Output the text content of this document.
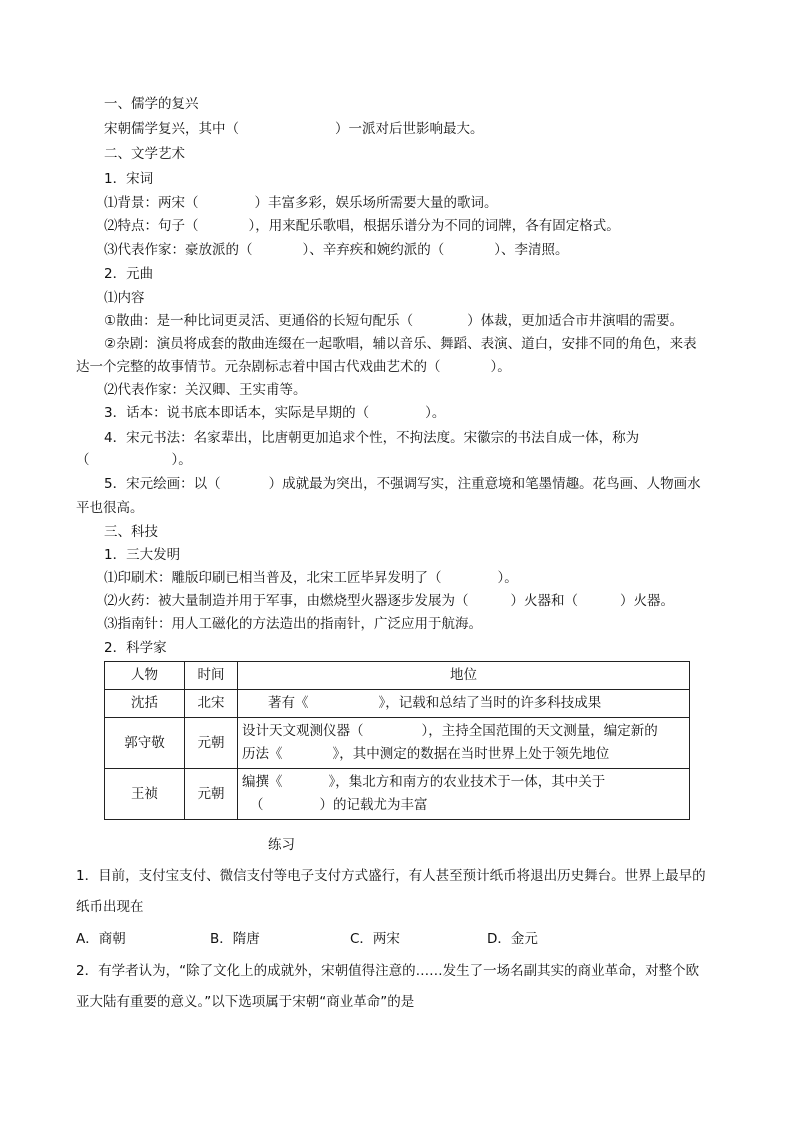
一、儒学的复兴
宋朝儒学复兴，其中（	）一派对后世影响最大。
二、文学艺术
1．宋词
⑴背景：两宋（	）丰富多彩，娱乐场所需要大量的歌词。
⑵特点：句子（	），用来配乐歌唱，根据乐谱分为不同的词牌，各有固定格式。
⑶代表作家：豪放派的（	）、辛弃疾和婉约派的（	）、李清照。
2．元曲
⑴内容
①散曲：是一种比词更灵活、更通俗的长短句配乐（	）体裁，更加适合市井演唱的需要。
②杂剧：演员将成套的散曲连缀在一起歌唱，辅以音乐、舞蹈、表演、道白，安排不同的角色，来表
达一个完整的故事情节。元杂剧标志着中国古代戏曲艺术的（	）。
⑵代表作家：关汉卿、王实甫等。
3．话本：说书底本即话本，实际是早期的（	）。
4．宋元书法：名家辈出，比唐朝更加追求个性，不拘法度。宋徽宗的书法自成一体，称为
（	）。
5．宋元绘画：以（	）成就最为突出，不强调写实，注重意境和笔墨情趣。花鸟画、人物画水
平也很高。
三、科技
1．三大发明
⑴印刷术：雕版印刷已相当普及，北宋工匠毕昇发明了（	）。
⑵火药：被大量制造并用于军事，由燃烧型火器逐步发展为（	）火器和（	）火器。
⑶指南针：用人工磁化的方法造出的指南针，广泛应用于航海。
2．科学家
人物	时间	地位
沈括	北宋	著有《 》，记载和总结了当时的许多科技成果
郭守敬	元朝	设计天文观测仪器（ ），主持全国范围的天文测量，编定新的
历法《 》，其中测定的数据在当时世界上处于领先地位
王祯	元朝	编撰《 》，集北方和南方的农业技术于一体，其中关于
（ ）的记载尤为丰富
练习
1．目前，支付宝支付、微信支付等电子支付方式盛行，有人甚至预计纸币将退出历史舞台。世界上最早的
纸币出现在
A．商朝	B．隋唐	C．两宋	D．金元
2．有学者认为，“除了文化上的成就外，宋朝值得注意的……发生了一场名副其实的商业革命，对整个欧
亚大陆有重要的意义。”以下选项属于宋朝“商业革命”的是
